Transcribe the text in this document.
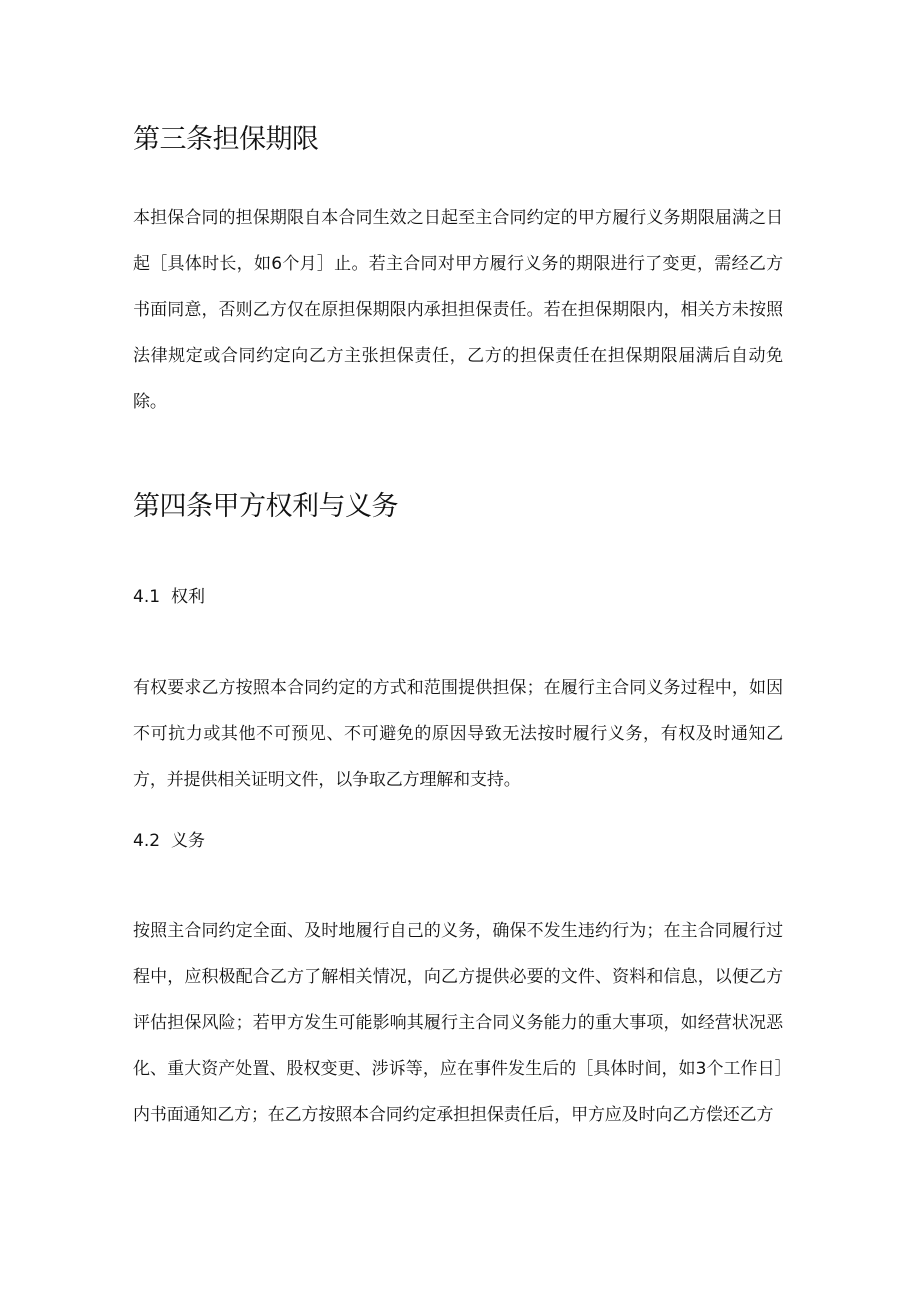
第三条担保期限

本担保合同的担保期限自本合同生效之日起至主合同约定的甲方履行义务期限届满之日起［具体时长，如6个月］止。若主合同对甲方履行义务的期限进行了变更，需经乙方书面同意，否则乙方仅在原担保期限内承担担保责任。若在担保期限内，相关方未按照法律规定或合同约定向乙方主张担保责任，乙方的担保责任在担保期限届满后自动免除。

第四条甲方权利与义务
4.1 权利

有权要求乙方按照本合同约定的方式和范围提供担保；在履行主合同义务过程中，如因不可抗力或其他不可预见、不可避免的原因导致无法按时履行义务，有权及时通知乙方，并提供相关证明文件，以争取乙方理解和支持。

4.2 义务

按照主合同约定全面、及时地履行自己的义务，确保不发生违约行为；在主合同履行过程中，应积极配合乙方了解相关情况，向乙方提供必要的文件、资料和信息，以便乙方评估担保风险；若甲方发生可能影响其履行主合同义务能力的重大事项，如经营状况恶化、重大资产处置、股权变更、涉诉等，应在事件发生后的［具体时间，如3个工作日］内书面通知乙方；在乙方按照本合同约定承担担保责任后，甲方应及时向乙方偿还乙方
